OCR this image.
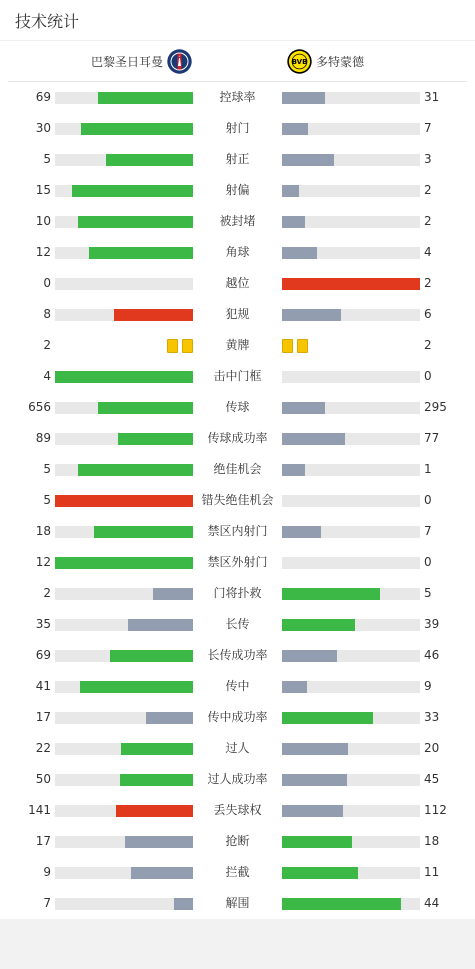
技术统计
巴黎圣日耳曼	BVB 多特蒙德
69	控球率	31
30	射门	7
5	射正	3
15	射偏	2
10	被封堵	2
12	角球	4
0	越位	2
8	犯规	6
2	黄牌	2
4	击中门框	0
656	传球	295
89	传球成功率	77
5	绝佳机会	1
5	错失绝佳机会	0
18	禁区内射门	7
12	禁区外射门	0
2	门将扑救	5
35	长传	39
69	长传成功率	46
41	传中	9
17	传中成功率	33
22	过人	20
50	过人成功率	45
141	丢失球权	112
17	抢断	18
9	拦截	11
7	解围	44
